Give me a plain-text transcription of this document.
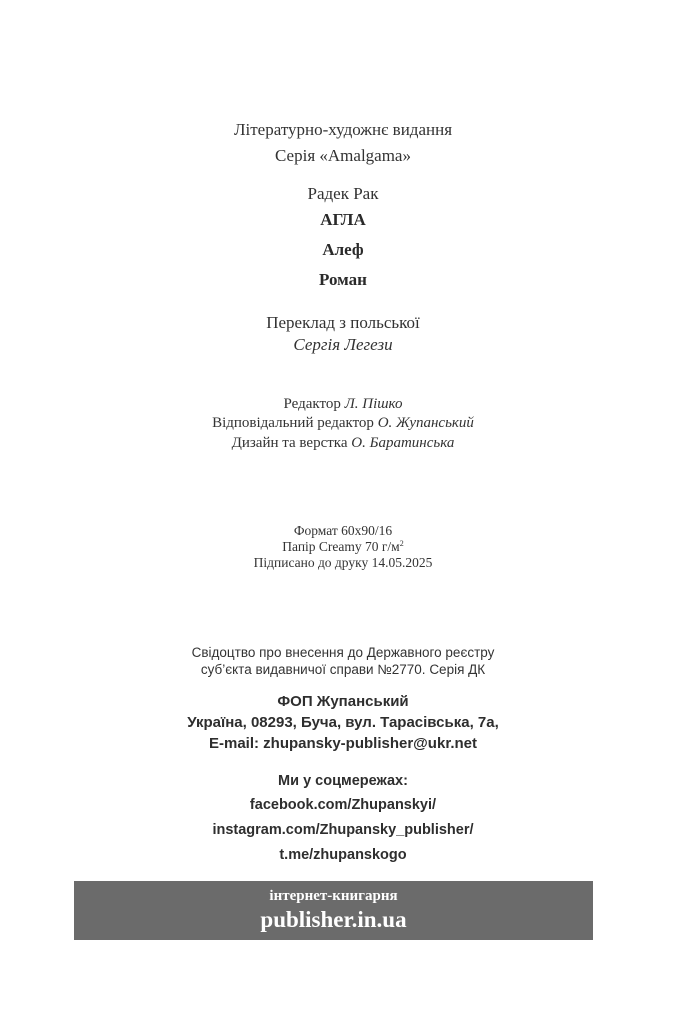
Літературно-художнє видання
Серія «Amalgama»
Радек Рак
АГЛА
Алеф
Роман
Переклад з польської
Сергія Легези
Редактор Л. Пішко
Відповідальний редактор О. Жупанський
Дизайн та верстка О. Баратинська
Формат 60х90/16
Папір Creamy 70 $г/м^2$
Підписано до друку 14.05.2025
Свідоцтво про внесення до Державного реєстру
суб’єкта видавничої справи №2770. Серія ДК
ФОП Жупанський
Україна, 08293, Буча, вул. Тарасівська, 7а,
E-mail: zhupansky-publisher@ukr.net
Ми у соцмережах:
facebook.com/Zhupanskyi/
instagram.com/Zhupansky_publisher/
t.me/zhupanskogo
інтернет-книгарня
publisher.in.ua
